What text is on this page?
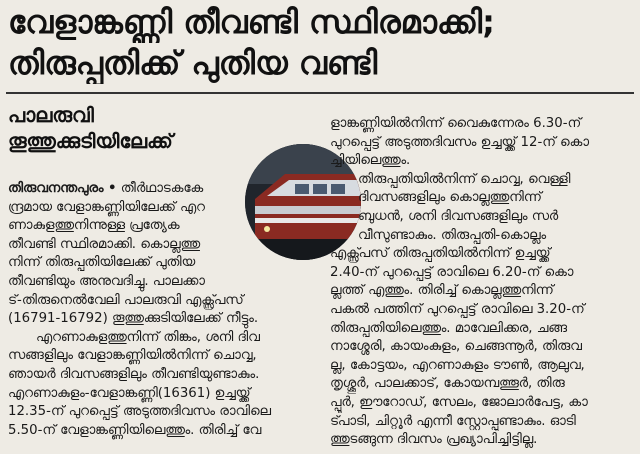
വേളാങ്കണ്ണി തീവണ്ടി സ്ഥിരമാക്കി;
തിരുപ്പതിക്ക് പുതിയ വണ്ടി
പാലരുവി
തൂത്തുക്കുടിയിലേക്ക്
തിരുവനന്തപുരം • തീർഥാടകകേ
ന്ദ്രമായ വേളാങ്കണ്ണിയിലേക്ക് എറ
ണാകുളത്തുനിന്നുള്ള പ്രത്യേക
തീവണ്ടി സ്ഥിരമാക്കി. കൊല്ലത്തു
നിന്ന് തിരുപ്പതിയിലേക്ക് പുതിയ
തീവണ്ടിയും അനുവദിച്ചു. പാലക്കാ
ട്-തിരുനെൽവേലി പാലരുവി എക്സ്പ്രസ്
(16791-16792) തൂത്തുക്കുടിയിലേക്ക് നീട്ടും.
എറണാകുളത്തുനിന്ന് തിങ്കം, ശനി ദിവ
സങ്ങളിലും വേളാങ്കണ്ണിയിൽനിന്ന് ചൊവ്വ,
ഞായർ ദിവസങ്ങളിലും തീവണ്ടിയുണ്ടാകും.
എറണാകുളം-വേളാങ്കണ്ണി(16361) ഉച്ചയ്ക്ക്
12.35-ന് പുറപ്പെട്ട് അടുത്തദിവസം രാവിലെ
5.50-ന് വേളാങ്കണ്ണിയിലെത്തും. തിരിച്ച് വേ
ളാങ്കണ്ണിയിൽനിന്ന് വൈകുന്നേരം 6.30-ന്
പുറപ്പെട്ട് അടുത്തദിവസം ഉച്ചയ്ക്ക് 12-ന് കൊ
ച്ചിയിലെത്തും.
തിരുപ്പതിയിൽനിന്ന് ചൊവ്വ, വെള്ളി
ദിവസങ്ങളിലും കൊല്ലത്തുനിന്ന്
ബുധൻ, ശനി ദിവസങ്ങളിലും സർ
വീസുണ്ടാകും. തിരുപ്പതി-കൊല്ലം
എക്സ്പ്രസ് തിരുപ്പതിയിൽനിന്ന് ഉച്ചയ്ക്ക്
2.40-ന് പുറപ്പെട്ട് രാവിലെ 6.20-ന് കൊ
ല്ലത്ത് എത്തും. തിരിച്ച് കൊല്ലത്തുനിന്ന്
പകൽ പത്തിന് പുറപ്പെട്ട് രാവിലെ 3.20-ന്
തിരുപ്പതിയിലെത്തും. മാവേലിക്കര, ചങ്ങ
നാശ്ശേരി, കായംകുളം, ചെങ്ങന്നൂർ, തിരുവ
ല്ല, കോട്ടയം, എറണാകുളം ടൗൺ, ആലുവ,
തൃശ്ശൂർ, പാലക്കാട്, കോയമ്പത്തൂർ, തിരു
പ്പൂർ, ഈറോഡ്, സേലം, ജോലാർപേട്ട, കാ
ട്പാടി, ചിറ്റൂർ എന്നീ സ്റ്റോപ്പുണ്ടാകും. ഓടി
ത്തുടങ്ങുന്ന ദിവസം പ്രഖ്യാപിച്ചിട്ടില്ല.
